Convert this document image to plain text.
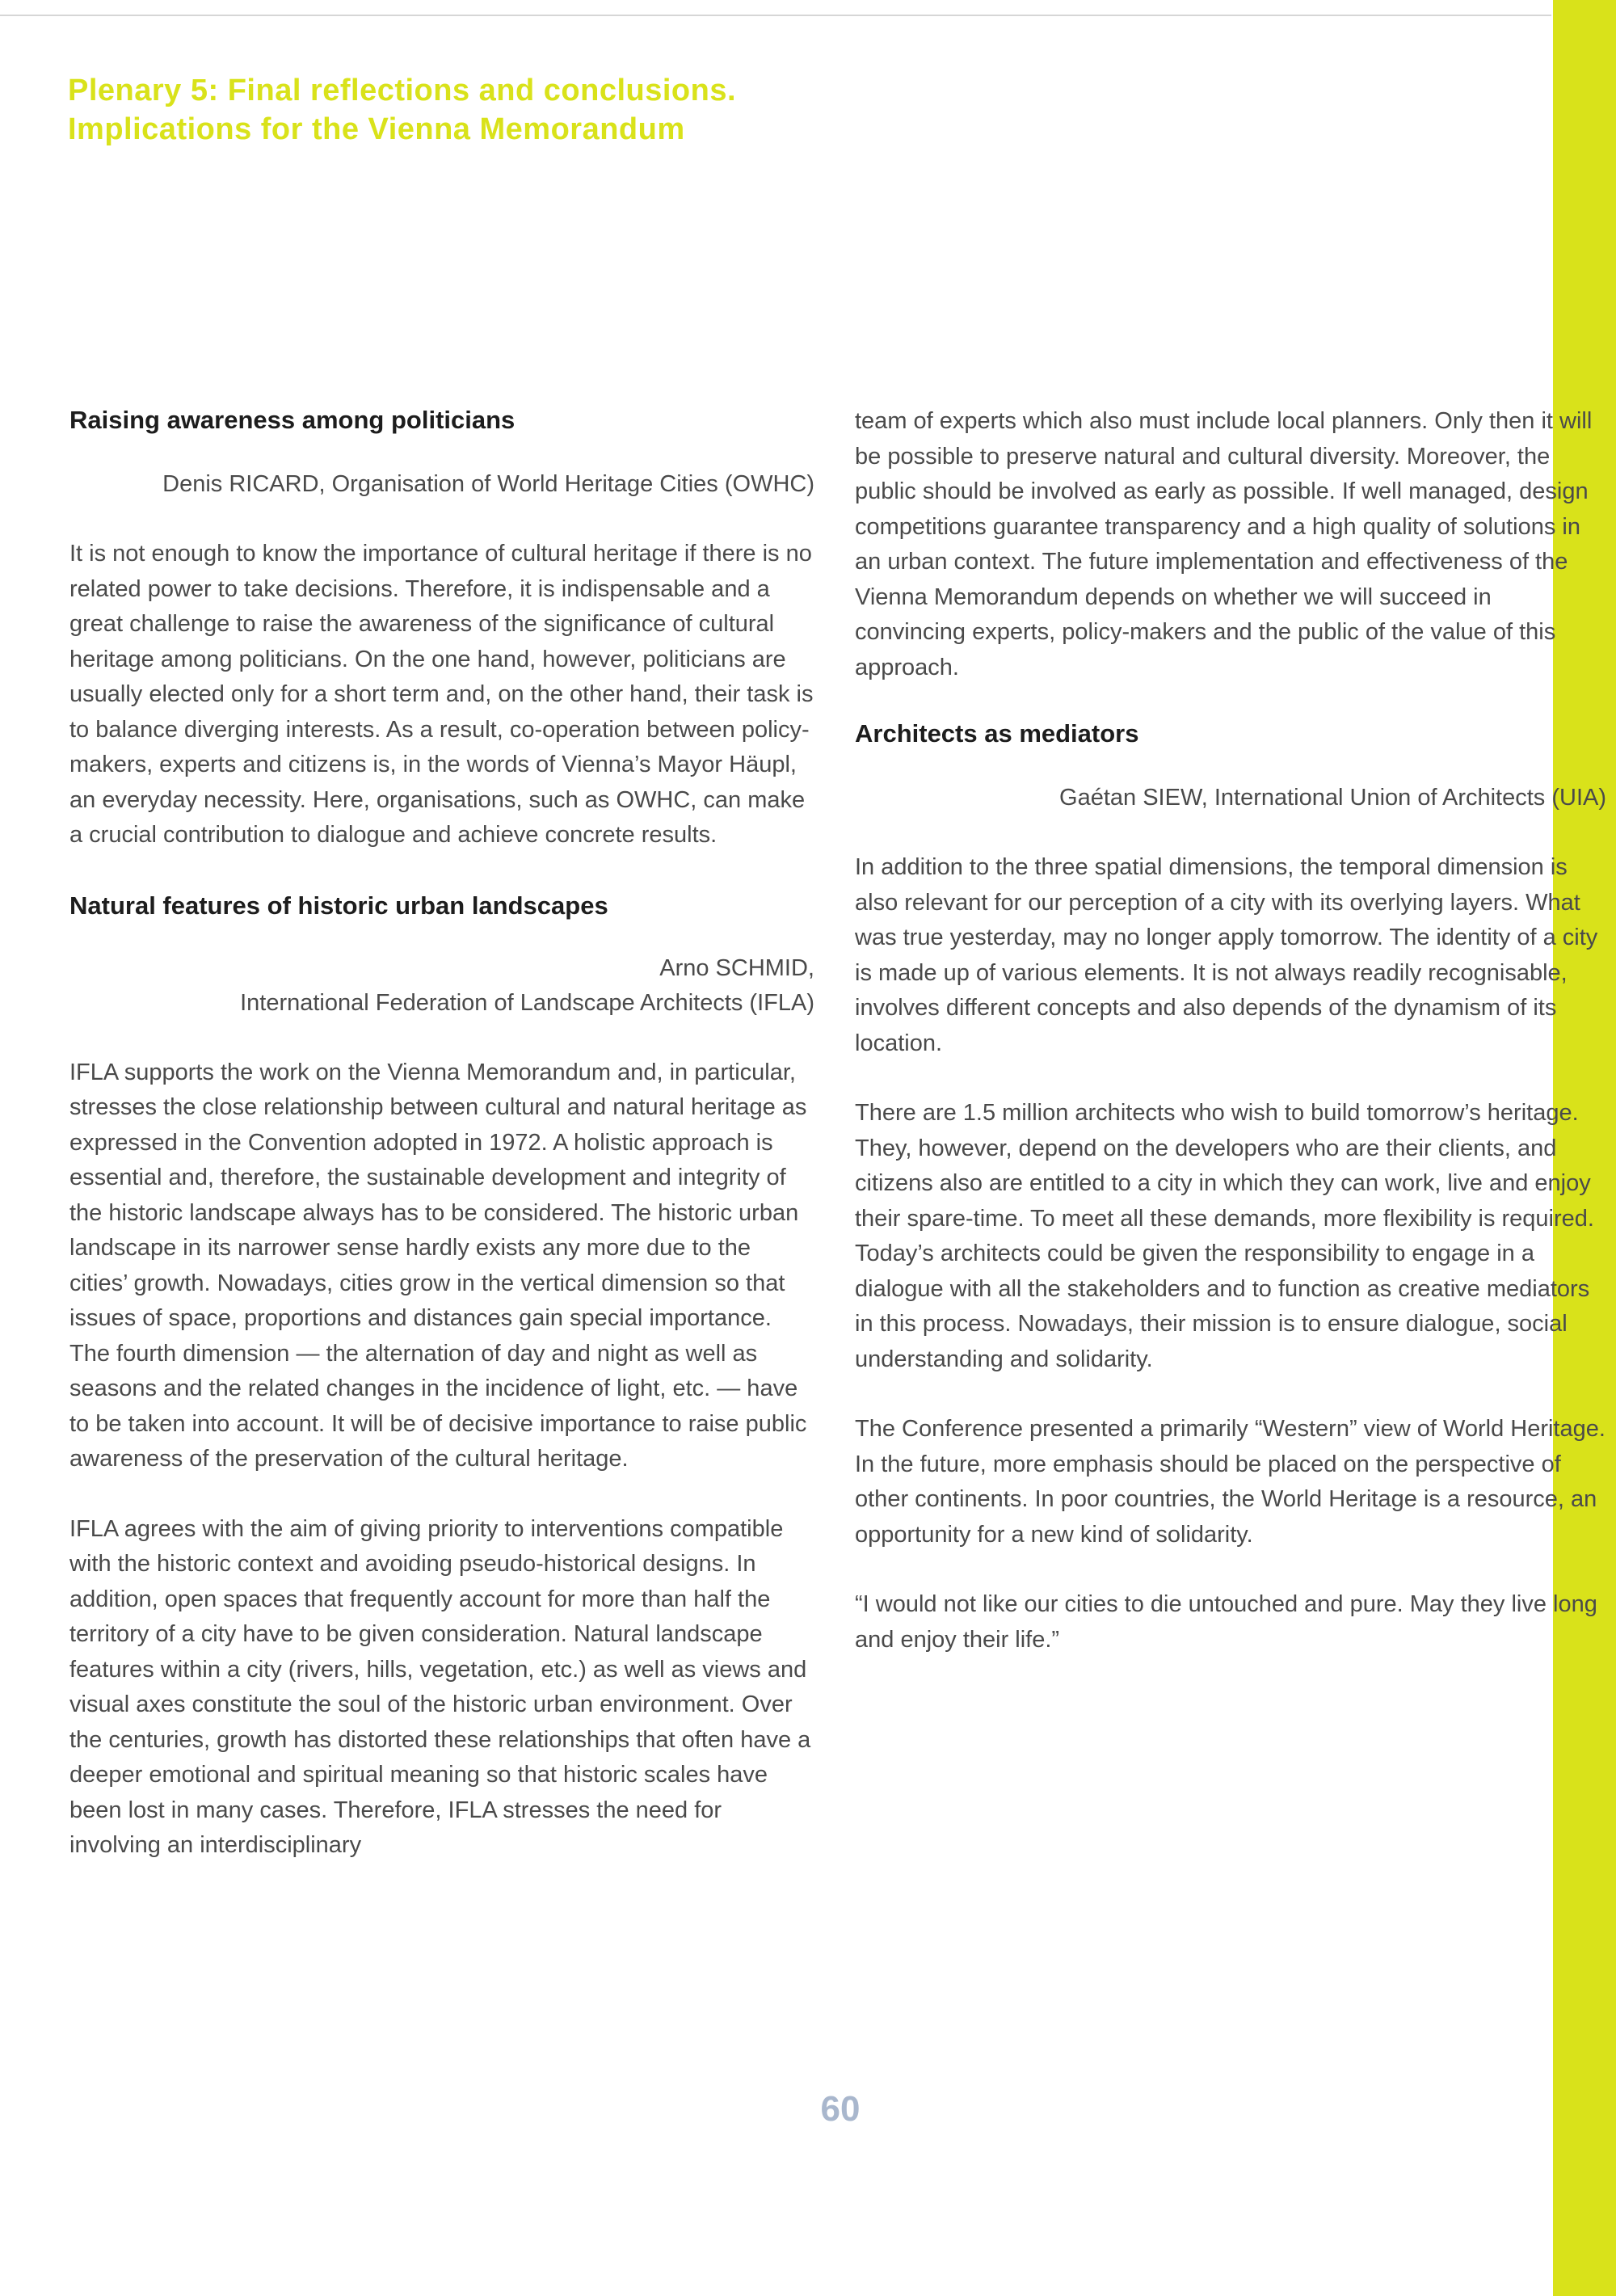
Plenary 5: Final reflections and conclusions.
Implications for the Vienna Memorandum
Raising awareness among politicians

Denis RICARD, Organisation of World Heritage Cities (OWHC)

It is not enough to know the importance of cultural heritage if there is no related power to take decisions. Therefore, it is indispensable and a great challenge to raise the awareness of the significance of cultural heritage among politicians. On the one hand, however, politicians are usually elected only for a short term and, on the other hand, their task is to balance diverging interests. As a result, co-operation between policy-makers, experts and citizens is, in the words of Vienna’s Mayor Häupl, an everyday necessity. Here, organisations, such as OWHC, can make a crucial contribution to dialogue and achieve concrete results.

Natural features of historic urban landscapes

Arno SCHMID,

International Federation of Landscape Architects (IFLA)

IFLA supports the work on the Vienna Memorandum and, in particular, stresses the close relationship between cultural and natural heritage as expressed in the Convention adopted in 1972. A holistic approach is essential and, therefore, the sustainable development and integrity of the historic landscape always has to be considered. The historic urban landscape in its narrower sense hardly exists any more due to the cities’ growth. Nowadays, cities grow in the vertical dimension so that issues of space, proportions and distances gain special importance. The fourth dimension — the alternation of day and night as well as seasons and the related changes in the incidence of light, etc. — have to be taken into account. It will be of decisive importance to raise public awareness of the preservation of the cultural heritage.

IFLA agrees with the aim of giving priority to interventions compatible with the historic context and avoiding pseudo-historical designs. In addition, open spaces that frequently account for more than half the territory of a city have to be given consideration. Natural landscape features within a city (rivers, hills, vegetation, etc.) as well as views and visual axes constitute the soul of the historic urban environment. Over the centuries, growth has distorted these relationships that often have a deeper emotional and spiritual meaning so that historic scales have been lost in many cases. Therefore, IFLA stresses the need for involving an interdisciplinary

team of experts which also must include local planners. Only then it will be possible to preserve natural and cultural diversity. Moreover, the public should be involved as early as possible. If well managed, design competitions guarantee transparency and a high quality of solutions in an urban context. The future implementation and effectiveness of the Vienna Memorandum depends on whether we will succeed in convincing experts, policy-makers and the public of the value of this approach.

Architects as mediators

Gaétan SIEW, International Union of Architects (UIA)

In addition to the three spatial dimensions, the temporal dimension is also relevant for our perception of a city with its overlying layers. What was true yesterday, may no longer apply tomorrow. The identity of a city is made up of various elements. It is not always readily recognisable, involves different concepts and also depends of the dynamism of its location.

There are 1.5 million architects who wish to build tomorrow’s heritage. They, however, depend on the developers who are their clients, and citizens also are entitled to a city in which they can work, live and enjoy their spare-time. To meet all these demands, more flexibility is required. Today’s architects could be given the responsibility to engage in a dialogue with all the stakeholders and to function as creative mediators in this process. Nowadays, their mission is to ensure dialogue, social understanding and solidarity.

The Conference presented a primarily “Western” view of World Heritage. In the future, more emphasis should be placed on the perspective of other continents. In poor countries, the World Heritage is a resource, an opportunity for a new kind of solidarity.

“I would not like our cities to die untouched and pure. May they live long and enjoy their life.”

60
